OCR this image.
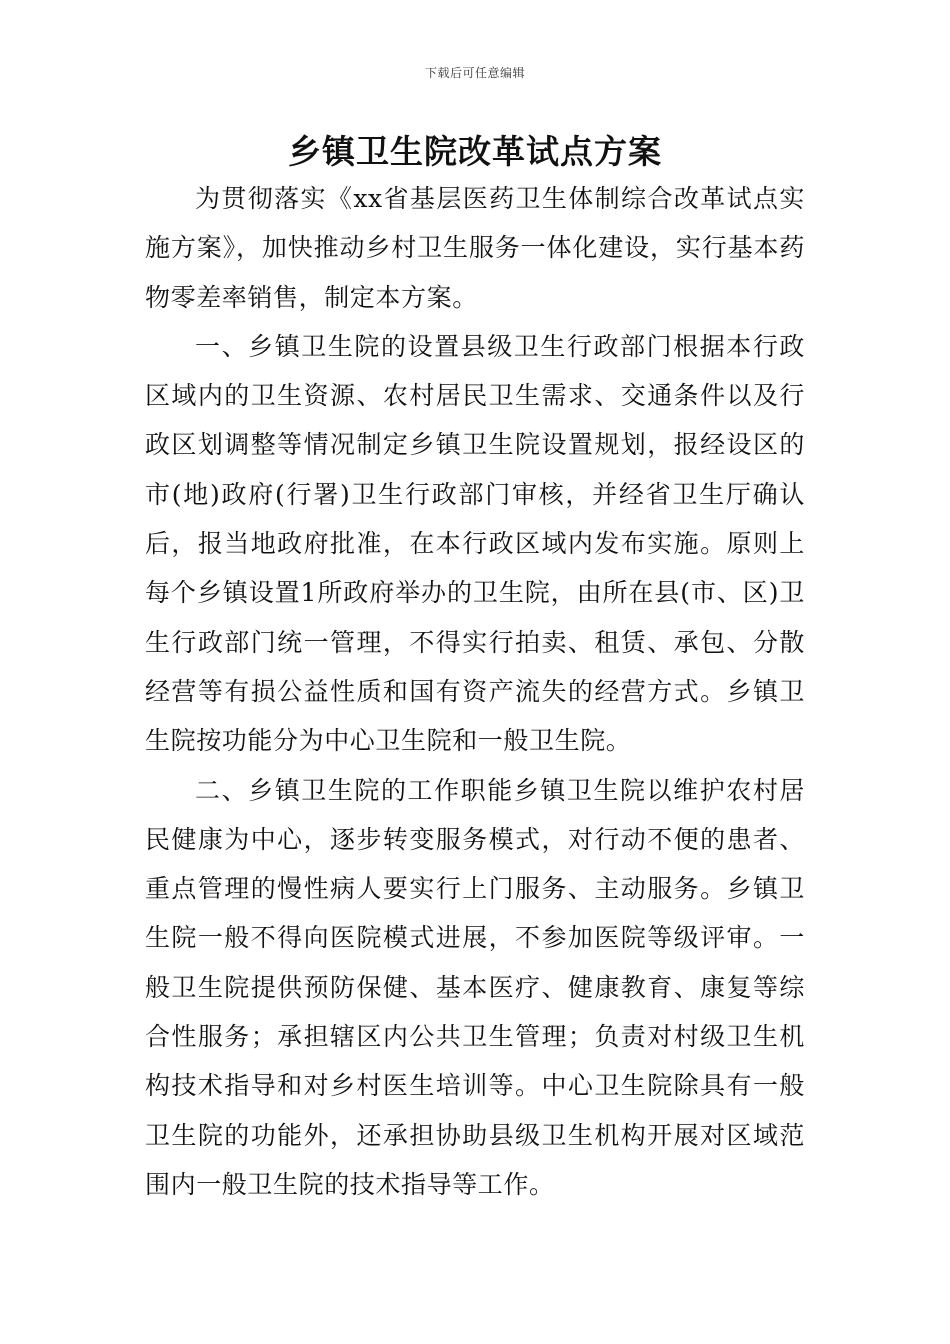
下载后可任意编辑
乡镇卫生院改革试点方案

为贯彻落实《xx省基层医药卫生体制综合改革试点实施方案》，加快推动乡村卫生服务一体化建设，实行基本药物零差率销售，制定本方案。

一、乡镇卫生院的设置县级卫生行政部门根据本行政区域内的卫生资源、农村居民卫生需求、交通条件以及行政区划调整等情况制定乡镇卫生院设置规划，报经设区的市(地)政府(行署)卫生行政部门审核，并经省卫生厅确认后，报当地政府批准，在本行政区域内发布实施。原则上每个乡镇设置1所政府举办的卫生院，由所在县(市、区)卫生行政部门统一管理，不得实行拍卖、租赁、承包、分散经营等有损公益性质和国有资产流失的经营方式。乡镇卫生院按功能分为中心卫生院和一般卫生院。

二、乡镇卫生院的工作职能乡镇卫生院以维护农村居民健康为中心，逐步转变服务模式，对行动不便的患者、重点管理的慢性病人要实行上门服务、主动服务。乡镇卫生院一般不得向医院模式进展，不参加医院等级评审。一般卫生院提供预防保健、基本医疗、健康教育、康复等综合性服务；承担辖区内公共卫生管理；负责对村级卫生机构技术指导和对乡村医生培训等。中心卫生院除具有一般卫生院的功能外，还承担协助县级卫生机构开展对区域范围内一般卫生院的技术指导等工作。
